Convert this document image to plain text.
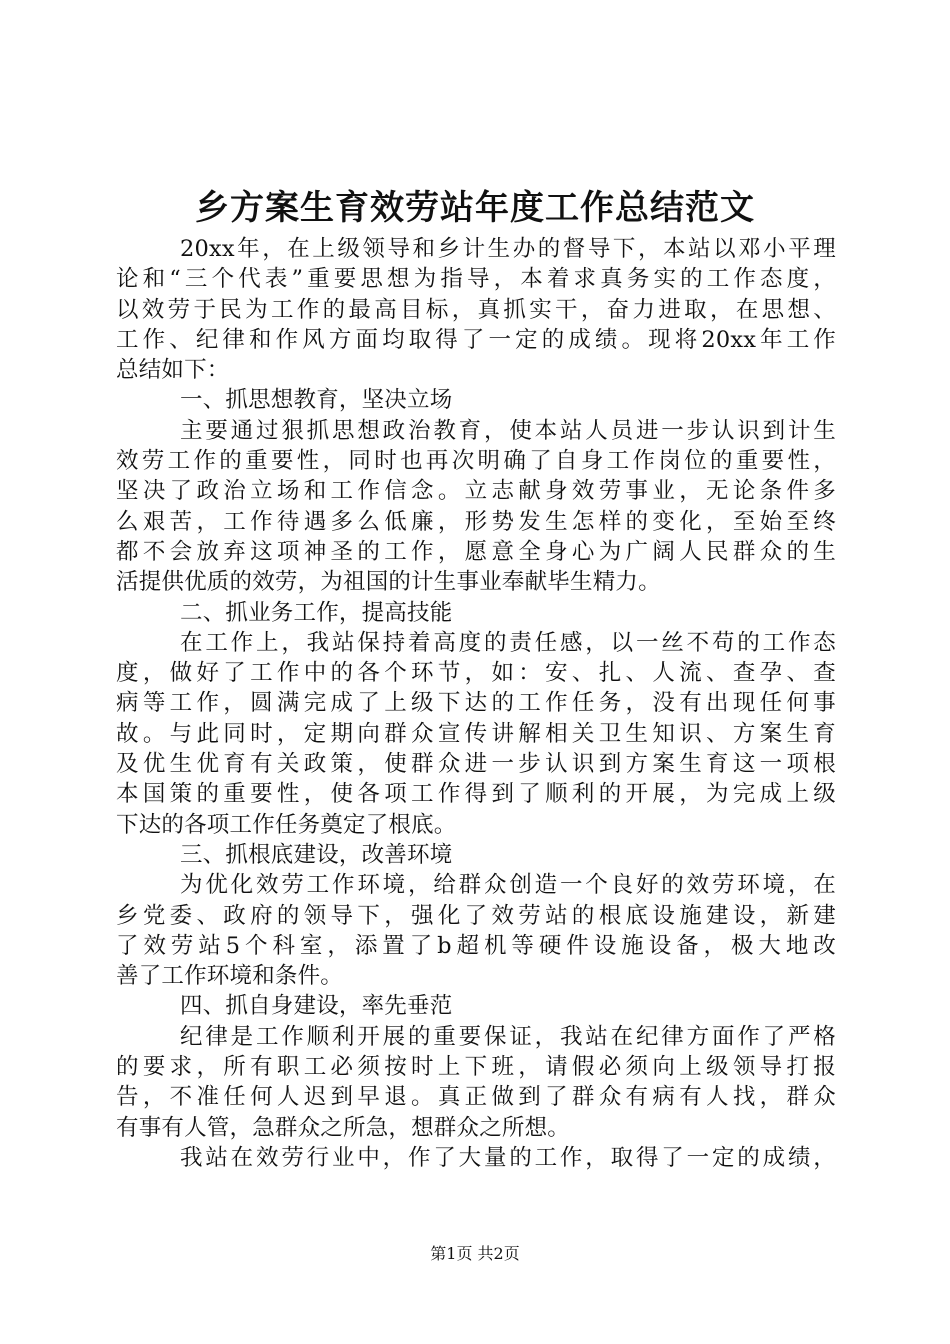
乡方案生育效劳站年度工作总结范文
20xx年，在上级领导和乡计生办的督导下，本站以邓小平理
论和“三个代表”重要思想为指导，本着求真务实的工作态度，
以效劳于民为工作的最高目标，真抓实干，奋力进取，在思想、
工作、纪律和作风方面均取得了一定的成绩。现将20xx年工作
总结如下：
一、抓思想教育，坚决立场
主要通过狠抓思想政治教育，使本站人员进一步认识到计生
效劳工作的重要性，同时也再次明确了自身工作岗位的重要性，
坚决了政治立场和工作信念。立志献身效劳事业，无论条件多
么艰苦，工作待遇多么低廉，形势发生怎样的变化，至始至终
都不会放弃这项神圣的工作，愿意全身心为广阔人民群众的生
活提供优质的效劳，为祖国的计生事业奉献毕生精力。
二、抓业务工作，提高技能
在工作上，我站保持着高度的责任感，以一丝不苟的工作态
度，做好了工作中的各个环节，如：安、扎、人流、查孕、查
病等工作，圆满完成了上级下达的工作任务，没有出现任何事
故。与此同时，定期向群众宣传讲解相关卫生知识、方案生育
及优生优育有关政策，使群众进一步认识到方案生育这一项根
本国策的重要性，使各项工作得到了顺利的开展，为完成上级
下达的各项工作任务奠定了根底。
三、抓根底建设，改善环境
为优化效劳工作环境，给群众创造一个良好的效劳环境，在
乡党委、政府的领导下，强化了效劳站的根底设施建设，新建
了效劳站5个科室，添置了b超机等硬件设施设备，极大地改
善了工作环境和条件。
四、抓自身建设，率先垂范
纪律是工作顺利开展的重要保证，我站在纪律方面作了严格
的要求，所有职工必须按时上下班，请假必须向上级领导打报
告，不准任何人迟到早退。真正做到了群众有病有人找，群众
有事有人管，急群众之所急，想群众之所想。
我站在效劳行业中，作了大量的工作，取得了一定的成绩，
第1页 共2页
